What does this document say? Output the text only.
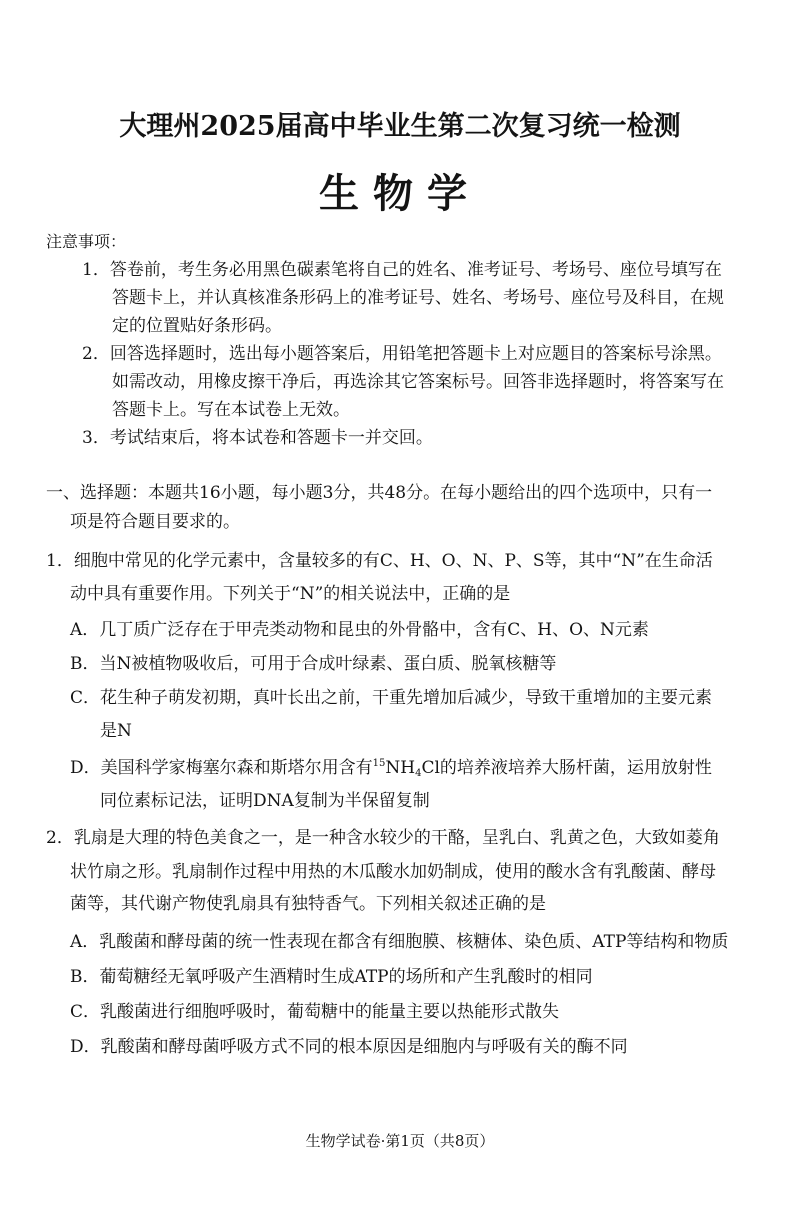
大理州2025届高中毕业生第二次复习统一检测
生物学
注意事项：
1．答卷前，考生务必用黑色碳素笔将自己的姓名、准考证号、考场号、座位号填写在
答题卡上，并认真核准条形码上的准考证号、姓名、考场号、座位号及科目，在规
定的位置贴好条形码。
2．回答选择题时，选出每小题答案后，用铅笔把答题卡上对应题目的答案标号涂黑。
如需改动，用橡皮擦干净后，再选涂其它答案标号。回答非选择题时，将答案写在
答题卡上。写在本试卷上无效。
3．考试结束后，将本试卷和答题卡一并交回。
一、选择题：本题共16小题，每小题3分，共48分。在每小题给出的四个选项中，只有一
项是符合题目要求的。
1．细胞中常见的化学元素中，含量较多的有C、H、O、N、P、S等，其中“N”在生命活
动中具有重要作用。下列关于“N”的相关说法中，正确的是
A．几丁质广泛存在于甲壳类动物和昆虫的外骨骼中，含有C、H、O、N元素
B．当N被植物吸收后，可用于合成叶绿素、蛋白质、脱氧核糖等
C．花生种子萌发初期，真叶长出之前，干重先增加后减少，导致干重增加的主要元素
是N
D．美国科学家梅塞尔森和斯塔尔用含有$^{15}NH_4Cl$的培养液培养大肠杆菌，运用放射性
同位素标记法，证明DNA复制为半保留复制
2．乳扇是大理的特色美食之一，是一种含水较少的干酪，呈乳白、乳黄之色，大致如菱角
状竹扇之形。乳扇制作过程中用热的木瓜酸水加奶制成，使用的酸水含有乳酸菌、酵母
菌等，其代谢产物使乳扇具有独特香气。下列相关叙述正确的是
A．乳酸菌和酵母菌的统一性表现在都含有细胞膜、核糖体、染色质、ATP等结构和物质
B．葡萄糖经无氧呼吸产生酒精时生成ATP的场所和产生乳酸时的相同
C．乳酸菌进行细胞呼吸时，葡萄糖中的能量主要以热能形式散失
D．乳酸菌和酵母菌呼吸方式不同的根本原因是细胞内与呼吸有关的酶不同
生物学试卷·第1页（共8页）
